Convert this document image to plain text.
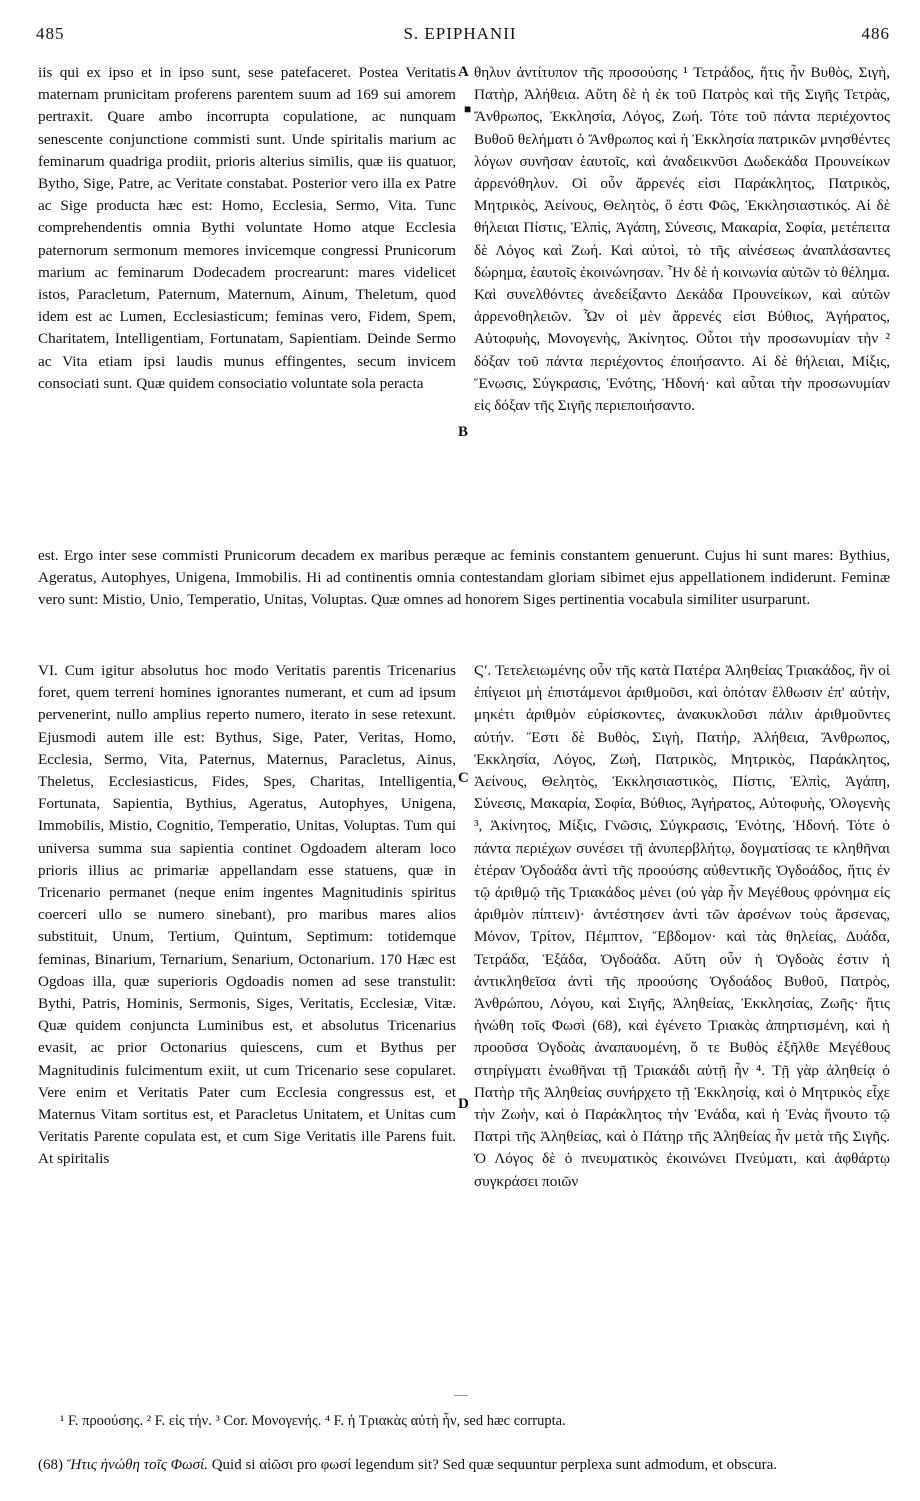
485	S. EPIPHANII	486
iis qui ex ipso et in ipso sunt, sese patefaceret. Postea Veritatis maternam prunicitam proferens parentem suum ad 169 sui amorem pertraxit. Quare ambo incorrupta copulatione, ac nunquam senescente conjunctione commisti sunt. Unde spiritalis marium ac feminarum quadriga prodiit, prioris alterius similis, quæ iis quatuor, Bytho, Sige, Patre, ac Veritate constabat. Posterior vero illa ex Patre ac Sige producta hæc est: Homo, Ecclesia, Sermo, Vita. Tunc comprehendentis omnia Bythi voluntate Homo atque Ecclesia paternorum sermonum memores invicemque congressi Prunicorum marium ac feminarum Dodecadem procrearunt: mares videlicet istos, Paracletum, Paternum, Maternum, Ainum, Theletum, quod idem est ac Lumen, Ecclesiasticum; feminas vero, Fidem, Spem, Charitatem, Intelligentiam, Fortunatam, Sapientiam. Deinde Sermo ac Vita etiam ipsi laudis munus effingentes, secum invicem consociati sunt. Quæ quidem consociatio voluntate sola peracta
θηλυν ἀντίτυπον τῆς προσούσης ¹ Τετράδος, ἥτις ἦν Βυθὸς, Σιγὴ, Πατὴρ, Ἀλήθεια. Αὕτη δὲ ἡ ἐκ τοῦ Πατρὸς καὶ τῆς Σιγῆς Τετρὰς, Ἄνθρωπος, Ἐκκλησία, Λόγος, Ζωή. Τότε τοῦ πάντα περιέχοντος Βυθοῦ θελήματι ὁ Ἄνθρωπος καὶ ἡ Ἐκκλησία πατρικῶν μνησθέντες λόγων συνῆσαν ἑαυτοῖς, καὶ ἀναδεικνῦσι Δωδεκάδα Προυνείκων ἀρρενόθηλυν. Οἱ οὖν ἄρρενές εἰσι Παράκλητος, Πατρικὸς, Μητρικὸς, Ἀείνους, Θελητὸς, ὅ ἐστι Φῶς, Ἐκκλησιαστικός. Αἱ δὲ θήλειαι Πίστις, Ἐλπὶς, Ἀγάπη, Σύνεσις, Μακαρία, Σοφία, μετέπειτα δὲ Λόγος καὶ Ζωή. Καὶ αὐτοὶ, τὸ τῆς αἰνέσεως ἀναπλάσαντες δώρημα, ἑαυτοῖς ἐκοινώνησαν. Ἦν δὲ ἡ κοινωνία αὐτῶν τὸ θέλημα. Καὶ συνελθόντες ἀνεδείξαντο Δεκάδα Προυνείκων, καὶ αὐτῶν ἀρρενοθηλειῶν. Ὧν οἱ μὲν ἄρρενές εἰσι Βύθιος, Ἀγήρατος, Αὐτοφυὴς, Μονογενὴς, Ἀκίνητος. Οὗτοι τὴν προσωνυμίαν τὴν ² δόξαν τοῦ πάντα περιέχοντος ἐποιήσαντο. Αἱ δὲ θήλειαι, Μίξις, Ἕνωσις, Σύγκρασις, Ἑνότης, Ἡδονή· καὶ αὗται τὴν προσωνυμίαν εἰς δόξαν τῆς Σιγῆς περιεποιήσαντο.
A
■
B
est. Ergo inter sese commisti Prunicorum decadem ex maribus peræque ac feminis constantem genuerunt. Cujus hi sunt mares: Bythius, Ageratus, Autophyes, Unigena, Immobilis. Hi ad continentis omnia contestandam gloriam sibimet ejus appellationem indiderunt. Feminæ vero sunt: Mistio, Unio, Temperatio, Unitas, Voluptas. Quæ omnes ad honorem Siges pertinentia vocabula similiter usurparunt.
VI. Cum igitur absolutus hoc modo Veritatis parentis Tricenarius foret, quem terreni homines ignorantes numerant, et cum ad ipsum pervenerint, nullo amplius reperto numero, iterato in sese retexunt. Ejusmodi autem ille est: Bythus, Sige, Pater, Veritas, Homo, Ecclesia, Sermo, Vita, Paternus, Maternus, Paracletus, Ainus, Theletus, Ecclesiasticus, Fides, Spes, Charitas, Intelligentia, Fortunata, Sapientia, Bythius, Ageratus, Autophyes, Unigena, Immobilis, Mistio, Cognitio, Temperatio, Unitas, Voluptas. Tum qui universa summa sua sapientia continet Ogdoadem alteram loco prioris illius ac primariæ appellandam esse statuens, quæ in Tricenario permanet (neque enim ingentes Magnitudinis spiritus coerceri ullo se numero sinebant), pro maribus mares alios substituit, Unum, Tertium, Quintum, Septimum: totidemque feminas, Binarium, Ternarium, Senarium, Octonarium. 170 Hæc est Ogdoas illa, quæ superioris Ogdoadis nomen ad sese transtulit: Bythi, Patris, Hominis, Sermonis, Siges, Veritatis, Ecclesiæ, Vitæ. Quæ quidem conjuncta Luminibus est, et absolutus Tricenarius evasit, ac prior Octonarius quiescens, cum et Bythus per Magnitudinis fulcimentum exiit, ut cum Tricenario sese copularet. Vere enim et Veritatis Pater cum Ecclesia congressus est, et Maternus Vitam sortitus est, et Paracletus Unitatem, et Unitas cum Veritatis Parente copulata est, et cum Sige Veritatis ille Parens fuit. At spiritalis
Ϛʹ. Τετελειωμένης οὖν τῆς κατὰ Πατέρα Ἀληθείας Τριακάδος, ἣν οἱ ἐπίγειοι μὴ ἐπιστάμενοι ἀριθμοῦσι, καὶ ὁπόταν ἔλθωσιν ἐπ' αὐτὴν, μηκέτι ἀριθμὸν εὑρίσκοντες, ἀνακυκλοῦσι πάλιν ἀριθμοῦντες αὐτήν. Ἔστι δὲ Βυθὸς, Σιγὴ, Πατὴρ, Ἀλήθεια, Ἄνθρωπος, Ἐκκλησία, Λόγος, Ζωὴ, Πατρικὸς, Μητρικὸς, Παράκλητος, Ἀείνους, Θελητὸς, Ἐκκλησιαστικὸς, Πίστις, Ἐλπὶς, Ἀγάπη, Σύνεσις, Μακαρία, Σοφία, Βύθιος, Ἀγήρατος, Αὐτοφυὴς, Ὁλογενὴς ³, Ἀκίνητος, Μίξις, Γνῶσις, Σύγκρασις, Ἑνότης, Ἡδονή. Τότε ὁ πάντα περιέχων συνέσει τῇ ἀνυπερβλήτῳ, δογματίσας τε κληθῆναι ἑτέραν Ὀγδοάδα ἀντὶ τῆς προούσης αὐθεντικῆς Ὀγδοάδος, ἥτις ἐν τῷ ἀριθμῷ τῆς Τριακάδος μένει (οὐ γὰρ ἦν Μεγέθους φρόνημα εἰς ἀριθμὸν πίπτειν)· ἀντέστησεν ἀντὶ τῶν ἀρσένων τοὺς ἄρσενας, Μόνον, Τρίτον, Πέμπτον, Ἕβδομον· καὶ τὰς θηλείας, Δυάδα, Τετράδα, Ἑξάδα, Ὀγδοάδα. Αὕτη οὖν ἡ Ὀγδοὰς ἐστιν ἡ ἀντικληθεῖσα ἀντὶ τῆς προούσης Ὀγδοάδος Βυθοῦ, Πατρὸς, Ἀνθρώπου, Λόγου, καὶ Σιγῆς, Ἀληθείας, Ἐκκλησίας, Ζωῆς· ἥτις ἡνώθη τοῖς Φωσὶ (68), καὶ ἐγένετο Τριακὰς ἀπηρτισμένη, καὶ ἡ προοῦσα Ὀγδοὰς ἀναπαυομένη, ὅ τε Βυθὸς ἐξῆλθε Μεγέθους στηρίγματι ἑνωθῆναι τῇ Τριακάδι αὐτῇ ἦν ⁴. Τῇ γὰρ ἀληθείᾳ ὁ Πατὴρ τῆς Ἀληθείας συνήρχετο τῇ Ἐκκλησίᾳ, καὶ ὁ Μητρικὸς εἶχε τὴν Ζωὴν, καὶ ὁ Παράκλητος τὴν Ἑνάδα, καὶ ἡ Ἑνὰς ἥνουτο τῷ Πατρὶ τῆς Ἀληθείας, καὶ ὁ Πάτηρ τῆς Ἀληθείας ἦν μετὰ τῆς Σιγῆς. Ὁ Λόγος δὲ ὁ πνευματικὸς ἐκοινώνει Πνεύματι, καὶ ἀφθάρτῳ συγκράσει ποιῶν
C
D
¹ F. προούσης. ² F. εἰς τήν. ³ Cor. Μονογενής. ⁴ F. ἡ Τριακὰς αὐτὴ ἦν, sed hæc corrupta.
(68) Ἥτις ἡνώθη τοῖς Φωσί. Quid si αἰῶσι pro φωσί legendum sit? Sed quæ sequuntur perplexa sunt admodum, et obscura.
